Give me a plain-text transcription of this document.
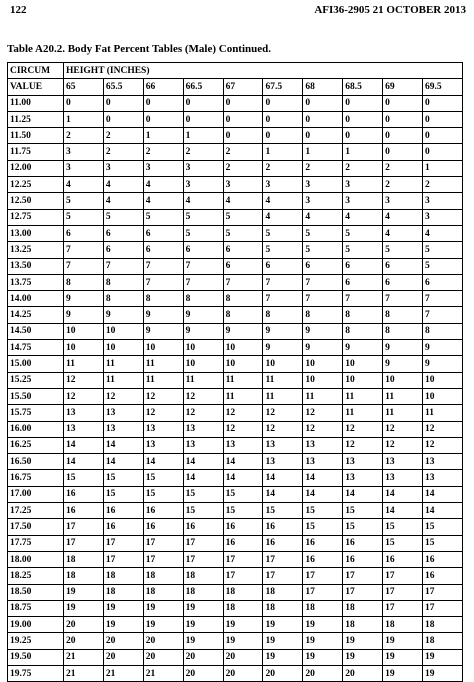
122	AFI36-2905 21 OCTOBER 2013
Table A20.2. Body Fat Percent Tables (Male) Continued.
CIRCUM	HEIGHT (INCHES)									
VALUE	65	65.5	66	66.5	67	67.5	68	68.5	69	69.5
11.00	0	0	0	0	0	0	0	0	0	0
11.25	1	0	0	0	0	0	0	0	0	0
11.50	2	2	1	1	0	0	0	0	0	0
11.75	3	2	2	2	2	1	1	1	0	0
12.00	3	3	3	3	2	2	2	2	2	1
12.25	4	4	4	3	3	3	3	3	2	2
12.50	5	4	4	4	4	4	3	3	3	3
12.75	5	5	5	5	5	4	4	4	4	3
13.00	6	6	6	5	5	5	5	5	4	4
13.25	7	6	6	6	6	5	5	5	5	5
13.50	7	7	7	7	6	6	6	6	6	5
13.75	8	8	7	7	7	7	7	6	6	6
14.00	9	8	8	8	8	7	7	7	7	7
14.25	9	9	9	9	8	8	8	8	8	7
14.50	10	10	9	9	9	9	9	8	8	8
14.75	10	10	10	10	10	9	9	9	9	9
15.00	11	11	11	10	10	10	10	10	9	9
15.25	12	11	11	11	11	11	10	10	10	10
15.50	12	12	12	12	11	11	11	11	11	10
15.75	13	13	12	12	12	12	12	11	11	11
16.00	13	13	13	13	12	12	12	12	12	12
16.25	14	14	13	13	13	13	13	12	12	12
16.50	14	14	14	14	14	13	13	13	13	13
16.75	15	15	15	14	14	14	14	13	13	13
17.00	16	15	15	15	15	14	14	14	14	14
17.25	16	16	16	15	15	15	15	15	14	14
17.50	17	16	16	16	16	16	15	15	15	15
17.75	17	17	17	17	16	16	16	16	15	15
18.00	18	17	17	17	17	17	16	16	16	16
18.25	18	18	18	18	17	17	17	17	17	16
18.50	19	18	18	18	18	18	17	17	17	17
18.75	19	19	19	19	18	18	18	18	17	17
19.00	20	19	19	19	19	19	19	18	18	18
19.25	20	20	20	19	19	19	19	19	19	18
19.50	21	20	20	20	20	19	19	19	19	19
19.75	21	21	21	20	20	20	20	20	19	19
